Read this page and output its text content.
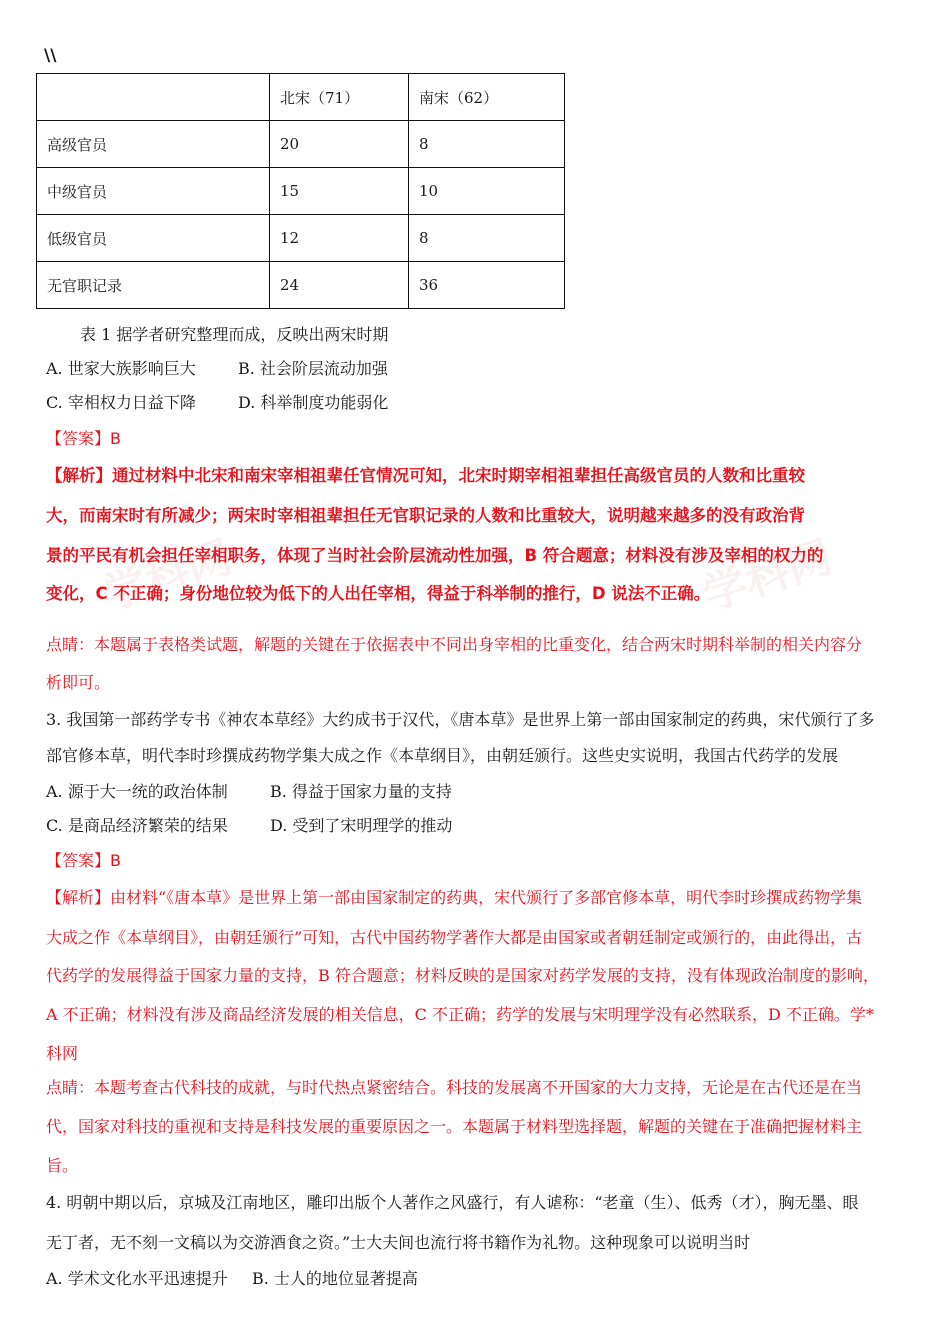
\\
	北宋（71）	南宋（62）
高级官员	20	8
中级官员	15	10
低级官员	12	8
无官职记录	24	36
表 1 据学者研究整理而成，反映出两宋时期
A. 世家大族影响巨大	B. 社会阶层流动加强
C. 宰相权力日益下降	D. 科举制度功能弱化
【答案】B
学科网	学科网
【解析】通过材料中北宋和南宋宰相祖辈任官情况可知，北宋时期宰相祖辈担任高级官员的人数和比重较
大，而南宋时有所减少；两宋时宰相祖辈担任无官职记录的人数和比重较大，说明越来越多的没有政治背
景的平民有机会担任宰相职务，体现了当时社会阶层流动性加强，B 符合题意；材料没有涉及宰相的权力的
变化，C 不正确；身份地位较为低下的人出任宰相，得益于科举制的推行，D 说法不正确。
点睛：本题属于表格类试题，解题的关键在于依据表中不同出身宰相的比重变化，结合两宋时期科举制的相关内容分
析即可。
3. 我国第一部药学专书《神农本草经》大约成书于汉代，《唐本草》是世界上第一部由国家制定的药典，宋代颁行了多
部官修本草，明代李时珍撰成药物学集大成之作《本草纲目》，由朝廷颁行。这些史实说明，我国古代药学的发展
A. 源于大一统的政治体制	B. 得益于国家力量的支持
C. 是商品经济繁荣的结果	D. 受到了宋明理学的推动
【答案】B
【解析】由材料“《唐本草》是世界上第一部由国家制定的药典，宋代颁行了多部官修本草，明代李时珍撰成药物学集
大成之作《本草纲目》，由朝廷颁行”可知，古代中国药物学著作大都是由国家或者朝廷制定或颁行的，由此得出，古
代药学的发展得益于国家力量的支持，B 符合题意；材料反映的是国家对药学发展的支持，没有体现政治制度的影响，
A 不正确；材料没有涉及商品经济发展的相关信息，C 不正确；药学的发展与宋明理学没有必然联系，D 不正确。学*
科网
点睛：本题考查古代科技的成就，与时代热点紧密结合。科技的发展离不开国家的大力支持，无论是在古代还是在当
代，国家对科技的重视和支持是科技发展的重要原因之一。本题属于材料型选择题，解题的关键在于准确把握材料主
旨。
4. 明朝中期以后，京城及江南地区，雕印出版个人著作之风盛行，有人谑称：“老童（生）、低秀（才），胸无墨、眼
无丁者，无不刻一文稿以为交游酒食之资。”士大夫间也流行将书籍作为礼物。这种现象可以说明当时
A. 学术文化水平迅速提升 B. 士人的地位显著提高
